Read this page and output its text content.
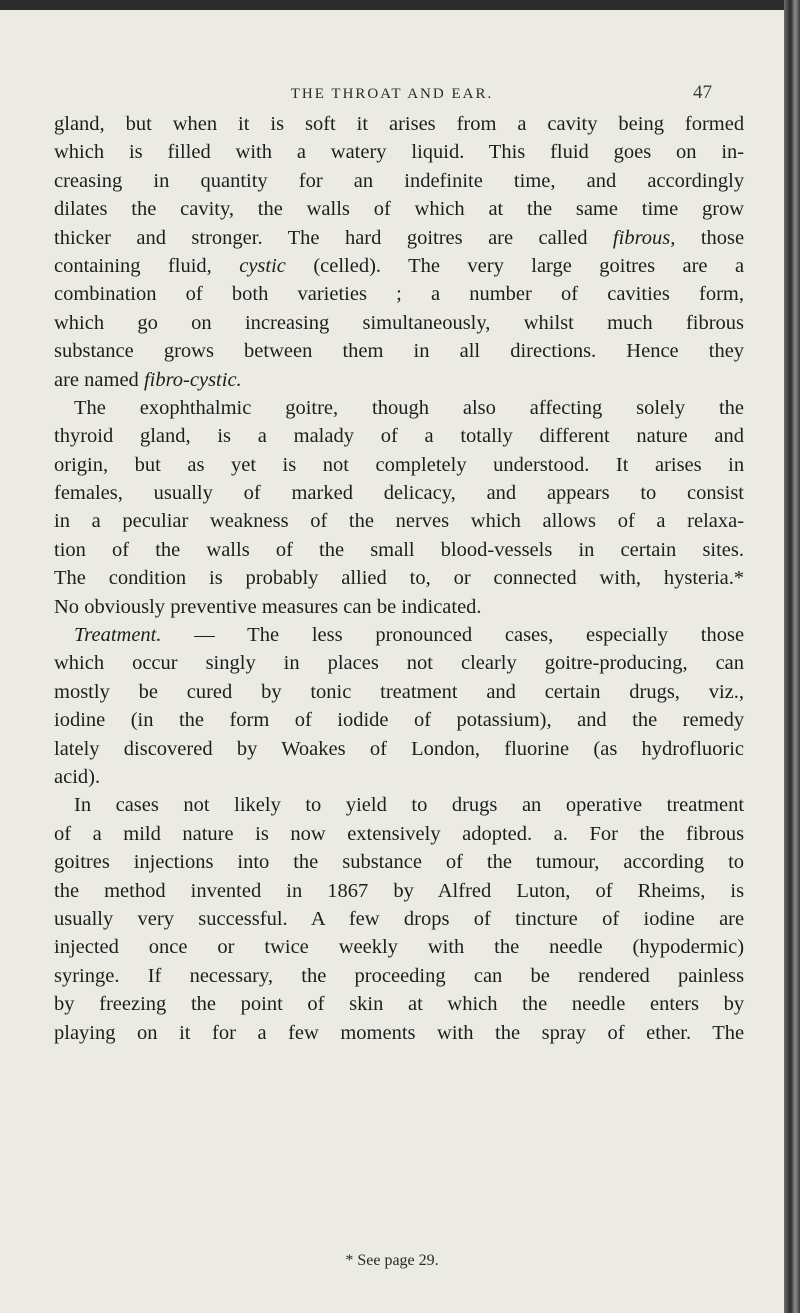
THE THROAT AND EAR.	47
gland, but when it is soft it arises from a cavity being formed
which is filled with a watery liquid. This fluid goes on in-
creasing in quantity for an indefinite time, and accordingly
dilates the cavity, the walls of which at the same time grow
thicker and stronger. The hard goitres are called fibrous, those
containing fluid, cystic (celled). The very large goitres are a
combination of both varieties ; a number of cavities form,
which go on increasing simultaneously, whilst much fibrous
substance grows between them in all directions. Hence they
are named fibro-cystic.
The exophthalmic goitre, though also affecting solely the
thyroid gland, is a malady of a totally different nature and
origin, but as yet is not completely understood. It arises in
females, usually of marked delicacy, and appears to consist
in a peculiar weakness of the nerves which allows of a relaxa-
tion of the walls of the small blood-vessels in certain sites.
The condition is probably allied to, or connected with, hysteria.*
No obviously preventive measures can be indicated.
Treatment. — The less pronounced cases, especially those
which occur singly in places not clearly goitre-producing, can
mostly be cured by tonic treatment and certain drugs, viz.,
iodine (in the form of iodide of potassium), and the remedy
lately discovered by Woakes of London, fluorine (as hydrofluoric
acid).
In cases not likely to yield to drugs an operative treatment
of a mild nature is now extensively adopted. a. For the fibrous
goitres injections into the substance of the tumour, according to
the method invented in 1867 by Alfred Luton, of Rheims, is
usually very successful. A few drops of tincture of iodine are
injected once or twice weekly with the needle (hypodermic)
syringe. If necessary, the proceeding can be rendered painless
by freezing the point of skin at which the needle enters by
playing on it for a few moments with the spray of ether. The
* See page 29.
